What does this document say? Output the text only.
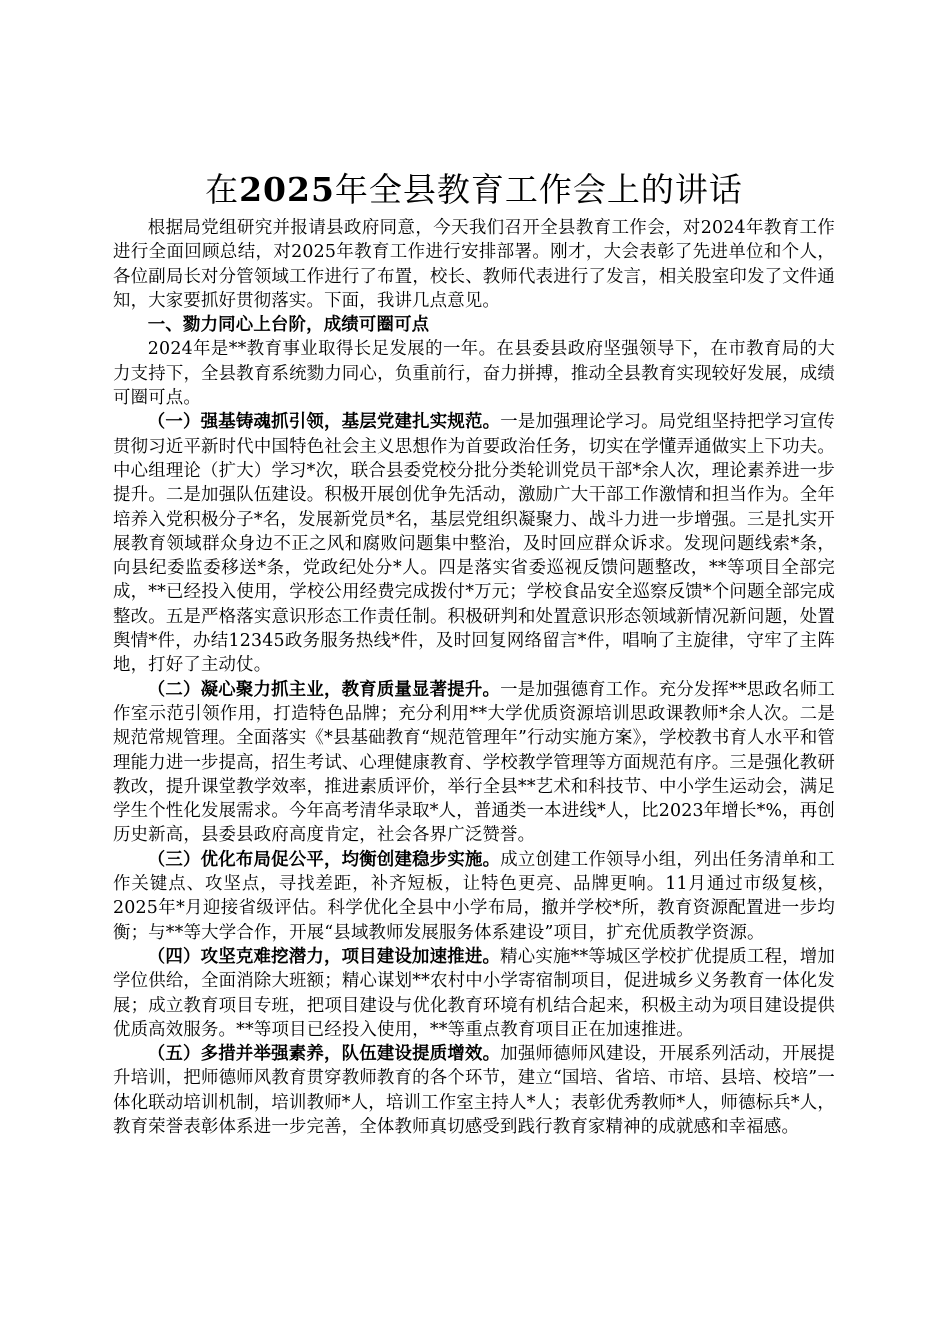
在2025年全县教育工作会上的讲话

根据局党组研究并报请县政府同意，今天我们召开全县教育工作会，对2024年教育工作进行全面回顾总结，对2025年教育工作进行安排部署。刚才，大会表彰了先进单位和个人，各位副局长对分管领域工作进行了布置，校长、教师代表进行了发言，相关股室印发了文件通知，大家要抓好贯彻落实。下面，我讲几点意见。

一、勠力同心上台阶，成绩可圈可点

2024年是**教育事业取得长足发展的一年。在县委县政府坚强领导下，在市教育局的大力支持下，全县教育系统勠力同心，负重前行，奋力拼搏，推动全县教育实现较好发展，成绩可圈可点。

（一）强基铸魂抓引领，基层党建扎实规范。一是加强理论学习。局党组坚持把学习宣传贯彻习近平新时代中国特色社会主义思想作为首要政治任务，切实在学懂弄通做实上下功夫。中心组理论（扩大）学习*次，联合县委党校分批分类轮训党员干部*余人次，理论素养进一步提升。二是加强队伍建设。积极开展创优争先活动，激励广大干部工作激情和担当作为。全年培养入党积极分子*名，发展新党员*名，基层党组织凝聚力、战斗力进一步增强。三是扎实开展教育领域群众身边不正之风和腐败问题集中整治，及时回应群众诉求。发现问题线索*条，向县纪委监委移送*条，党政纪处分*人。四是落实省委巡视反馈问题整改，**等项目全部完成，**已经投入使用，学校公用经费完成拨付*万元；学校食品安全巡察反馈*个问题全部完成整改。五是严格落实意识形态工作责任制。积极研判和处置意识形态领域新情况新问题，处置舆情*件，办结12345政务服务热线*件，及时回复网络留言*件，唱响了主旋律，守牢了主阵地，打好了主动仗。

（二）凝心聚力抓主业，教育质量显著提升。一是加强德育工作。充分发挥**思政名师工作室示范引领作用，打造特色品牌；充分利用**大学优质资源培训思政课教师*余人次。二是规范常规管理。全面落实《*县基础教育“规范管理年”行动实施方案》，学校教书育人水平和管理能力进一步提高，招生考试、心理健康教育、学校教学管理等方面规范有序。三是强化教研教改，提升课堂教学效率，推进素质评价，举行全县**艺术和科技节、中小学生运动会，满足学生个性化发展需求。今年高考清华录取*人，普通类一本进线*人，比2023年增长*%，再创历史新高，县委县政府高度肯定，社会各界广泛赞誉。

（三）优化布局促公平，均衡创建稳步实施。成立创建工作领导小组，列出任务清单和工作关键点、攻坚点，寻找差距，补齐短板，让特色更亮、品牌更响。11月通过市级复核，2025年*月迎接省级评估。科学优化全县中小学布局，撤并学校*所，教育资源配置进一步均衡；与**等大学合作，开展“县域教师发展服务体系建设”项目，扩充优质教学资源。

（四）攻坚克难挖潜力，项目建设加速推进。精心实施**等城区学校扩优提质工程，增加学位供给，全面消除大班额；精心谋划**农村中小学寄宿制项目，促进城乡义务教育一体化发展；成立教育项目专班，把项目建设与优化教育环境有机结合起来，积极主动为项目建设提供优质高效服务。**等项目已经投入使用，**等重点教育项目正在加速推进。

（五）多措并举强素养，队伍建设提质增效。加强师德师风建设，开展系列活动，开展提升培训，把师德师风教育贯穿教师教育的各个环节，建立“国培、省培、市培、县培、校培”一体化联动培训机制，培训教师*人，培训工作室主持人*人；表彰优秀教师*人，师德标兵*人，教育荣誉表彰体系进一步完善，全体教师真切感受到践行教育家精神的成就感和幸福感。
